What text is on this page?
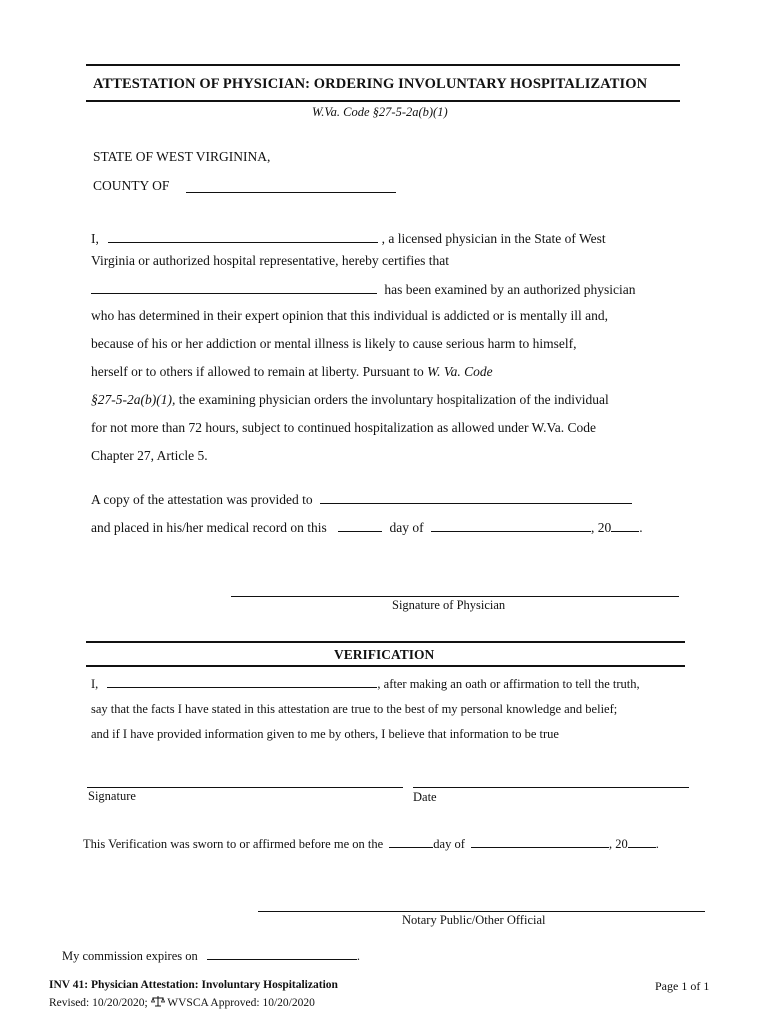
ATTESTATION OF PHYSICIAN: ORDERING INVOLUNTARY HOSPITALIZATION
W.Va. Code §27-5-2a(b)(1)
STATE OF WEST VIRGININA,
COUNTY OF
I,	, a licensed physician in the State of West
Virginia or authorized hospital representative, hereby certifies that
has been examined by an authorized physician
who has determined in their expert opinion that this individual is addicted or is mentally ill and,
because of his or her addiction or mental illness is likely to cause serious harm to himself,
herself or to others if allowed to remain at liberty. Pursuant to W. Va. Code
§27-5-2a(b)(1), the examining physician orders the involuntary hospitalization of the individual
for not more than 72 hours, subject to continued hospitalization as allowed under W.Va. Code
Chapter 27, Article 5.
A copy of the attestation was provided to
and placed in his/her medical record on this	day of	, 20 .
Signature of Physician
VERIFICATION
I,	, after making an oath or affirmation to tell the truth,
say that the facts I have stated in this attestation are true to the best of my personal knowledge and belief;
and if I have provided information given to me by others, I believe that information to be true
Signature	Date
This Verification was sworn to or affirmed before me on the	day of	, 20 .
Notary Public/Other Official
My commission expires on	.
INV 41: Physician Attestation: Involuntary Hospitalization
Revised: 10/20/2020; WVSCA Approved: 10/20/2020
Page 1 of 1
